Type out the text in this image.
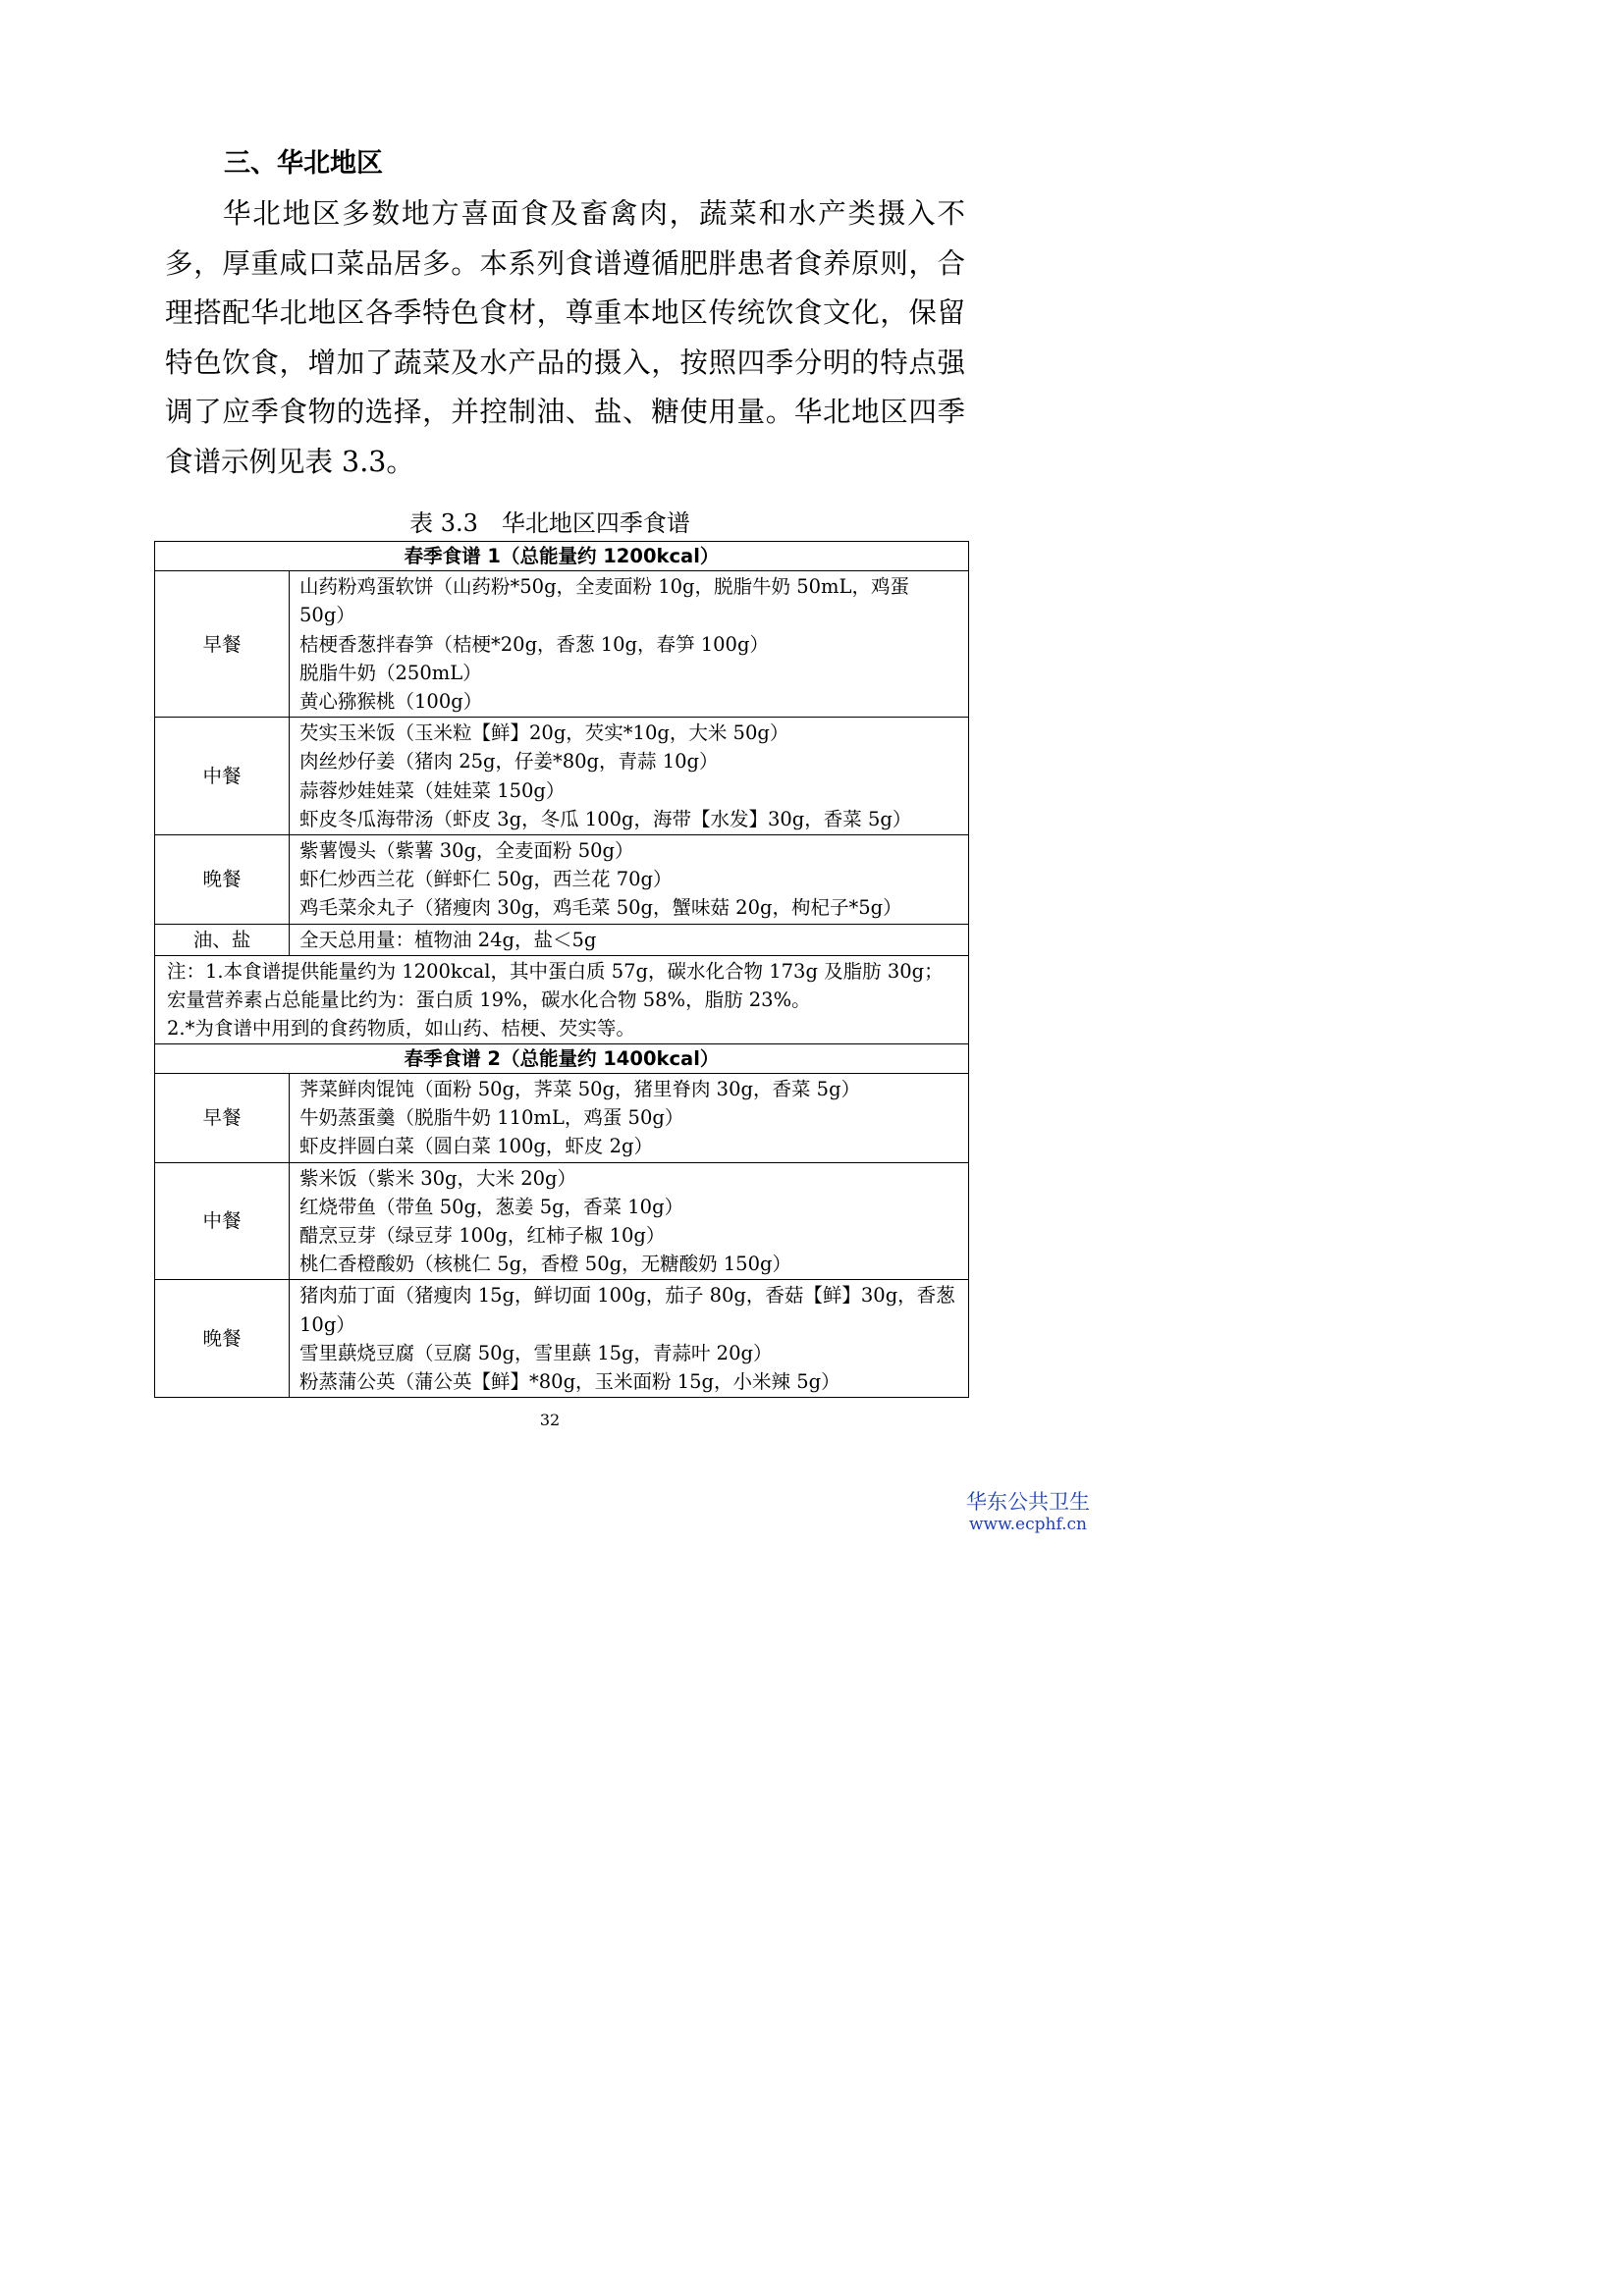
三、华北地区

华北地区多数地方喜面食及畜禽肉，蔬菜和水产类摄入不多，厚重咸口菜品居多。本系列食谱遵循肥胖患者食养原则，合理搭配华北地区各季特色食材，尊重本地区传统饮食文化，保留特色饮食，增加了蔬菜及水产品的摄入，按照四季分明的特点强调了应季食物的选择，并控制油、盐、糖使用量。华北地区四季食谱示例见表 3.3。

表 3.3　华北地区四季食谱

春季食谱 1（总能量约 1200kcal）	
早餐	山药粉鸡蛋软饼（山药粉*50g，全麦面粉 10g，脱脂牛奶 50mL，鸡蛋 50g）
桔梗香葱拌春笋（桔梗*20g，香葱 10g，春笋 100g）
脱脂牛奶（250mL）
黄心猕猴桃（100g）

中餐	芡实玉米饭（玉米粒【鲜】20g，芡实*10g，大米 50g）
肉丝炒仔姜（猪肉 25g，仔姜*80g，青蒜 10g）
蒜蓉炒娃娃菜（娃娃菜 150g）
虾皮冬瓜海带汤（虾皮 3g，冬瓜 100g，海带【水发】30g，香菜 5g）

晚餐	紫薯馒头（紫薯 30g，全麦面粉 50g）
虾仁炒西兰花（鲜虾仁 50g，西兰花 70g）
鸡毛菜氽丸子（猪瘦肉 30g，鸡毛菜 50g，蟹味菇 20g，枸杞子*5g）

油、盐	全天总用量：植物油 24g，盐＜5g

注：1.本食谱提供能量约为 1200kcal，其中蛋白质 57g，碳水化合物 173g 及脂肪 30g；宏量营养素占总能量比约为：蛋白质 19%，碳水化合物 58%，脂肪 23%。
2.*为食谱中用到的食药物质，如山药、桔梗、芡实等。	

春季食谱 2（总能量约 1400kcal）	
早餐	荠菜鲜肉馄饨（面粉 50g，荠菜 50g，猪里脊肉 30g，香菜 5g）
牛奶蒸蛋羹（脱脂牛奶 110mL，鸡蛋 50g）
虾皮拌圆白菜（圆白菜 100g，虾皮 2g）

中餐	紫米饭（紫米 30g，大米 20g）
红烧带鱼（带鱼 50g，葱姜 5g，香菜 10g）
醋烹豆芽（绿豆芽 100g，红柿子椒 10g）
桃仁香橙酸奶（核桃仁 5g，香橙 50g，无糖酸奶 150g）

晚餐	猪肉茄丁面（猪瘦肉 15g，鲜切面 100g，茄子 80g，香菇【鲜】30g，香葱 10g）
雪里蕻烧豆腐（豆腐 50g，雪里蕻 15g，青蒜叶 20g）
粉蒸蒲公英（蒲公英【鲜】*80g，玉米面粉 15g，小米辣 5g）

32

华东公共卫生
www.ecphf.cn
